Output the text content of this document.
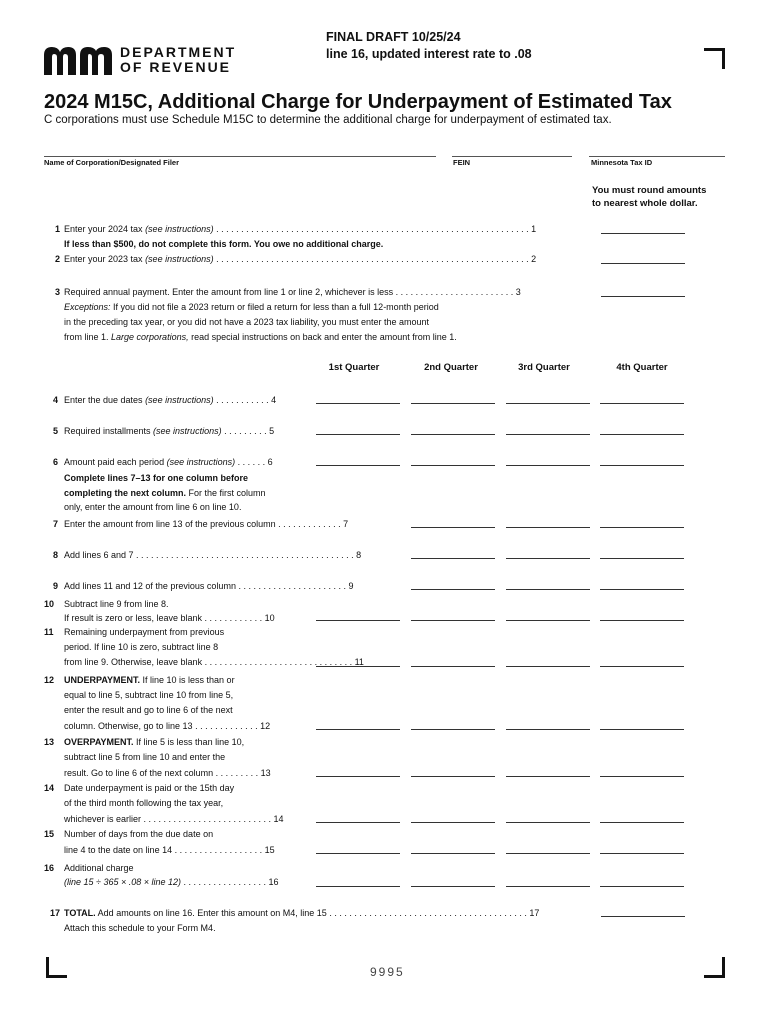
DEPARTMENT
OF REVENUE
FINAL DRAFT 10/25/24
line 16, updated interest rate to .08
2024 M15C, Additional Charge for Underpayment of Estimated Tax
C corporations must use Schedule M15C to determine the additional charge for underpayment of estimated tax.
Name of Corporation/Designated Filer	FEIN	Minnesota Tax ID
You must round amounts
to nearest whole dollar.
1 Enter your 2024 tax (see instructions) . . . . . . . . . . . . . . . . . . . . . . . . . . . . . . . . . . . . . . . . . . . . . . . . . . . . . . . . . . . . . . . 1
If less than $500, do not complete this form. You owe no additional charge.
2 Enter your 2023 tax (see instructions) . . . . . . . . . . . . . . . . . . . . . . . . . . . . . . . . . . . . . . . . . . . . . . . . . . . . . . . . . . . . . . . 2
3 Required annual payment. Enter the amount from line 1 or line 2, whichever is less . . . . . . . . . . . . . . . . . . . . . . . . 3
Exceptions: If you did not file a 2023 return or filed a return for less than a full 12-month period
in the preceding tax year, or you did not have a 2023 tax liability, you must enter the amount
from line 1. Large corporations, read special instructions on back and enter the amount from line 1.
1st Quarter	2nd Quarter	3rd Quarter	4th Quarter
4 Enter the due dates (see instructions) . . . . . . . . . . . 4
5 Required installments (see instructions) . . . . . . . . . 5
6 Amount paid each period (see instructions) . . . . . . 6
Complete lines 7–13 for one column before
completing the next column. For the first column
only, enter the amount from line 6 on line 10.
7 Enter the amount from line 13 of the previous column . . . . . . . . . . . . . 7
8 Add lines 6 and 7 . . . . . . . . . . . . . . . . . . . . . . . . . . . . . . . . . . . . . . . . . . . . 8
9 Add lines 11 and 12 of the previous column . . . . . . . . . . . . . . . . . . . . . . 9
10 Subtract line 9 from line 8.
If result is zero or less, leave blank . . . . . . . . . . . . 10
11 Remaining underpayment from previous
period. If line 10 is zero, subtract line 8
from line 9. Otherwise, leave blank . . . . . . . . . . . . . . . . . . . . . . . . . . . . . . 11
12 UNDERPAYMENT. If line 10 is less than or
equal to line 5, subtract line 10 from line 5,
enter the result and go to line 6 of the next
column. Otherwise, go to line 13 . . . . . . . . . . . . . 12
13 OVERPAYMENT. If line 5 is less than line 10,
subtract line 5 from line 10 and enter the
result. Go to line 6 of the next column . . . . . . . . . 13
14 Date underpayment is paid or the 15th day
of the third month following the tax year,
whichever is earlier . . . . . . . . . . . . . . . . . . . . . . . . . . 14
15 Number of days from the due date on
line 4 to the date on line 14 . . . . . . . . . . . . . . . . . . 15
16 Additional charge
(line 15 ÷ 365 × .08 × line 12) . . . . . . . . . . . . . . . . . 16
17 TOTAL. Add amounts on line 16. Enter this amount on M4, line 15 . . . . . . . . . . . . . . . . . . . . . . . . . . . . . . . . . . . . . . . . 17
Attach this schedule to your Form M4.
9995
